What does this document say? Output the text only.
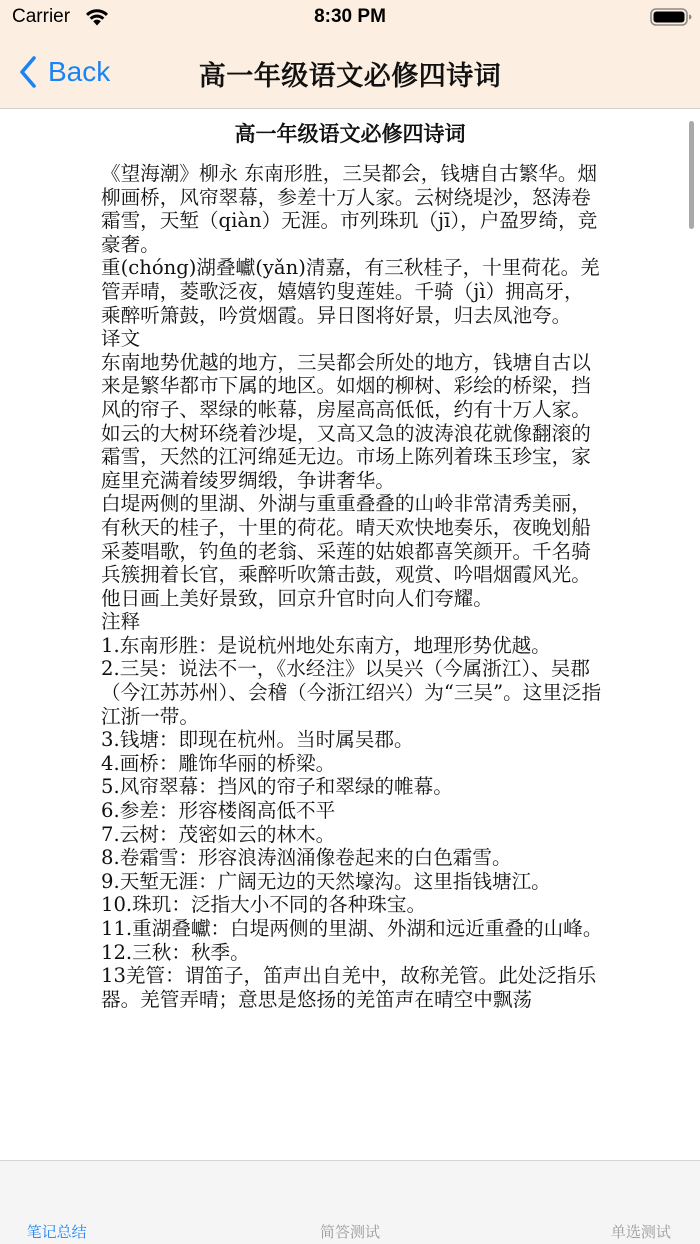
Carrier	8:30 PM
Back	高一年级语文必修四诗词
高一年级语文必修四诗词

《望海潮》柳永 东南形胜，三吴都会，钱塘自古繁华。烟柳画桥，风帘翠幕，参差十万人家。云树绕堤沙，怒涛卷霜雪，天堑（qiàn）无涯。市列珠玑（jī），户盈罗绮，竞豪奢。

重(chóng)湖叠巘(yǎn)清嘉，有三秋桂子，十里荷花。羌管弄晴，菱歌泛夜，嬉嬉钓叟莲娃。千骑（jì）拥高牙，乘醉听箫鼓，吟赏烟霞。异日图将好景，归去凤池夸。

译文

东南地势优越的地方，三吴都会所处的地方，钱塘自古以来是繁华都市下属的地区。如烟的柳树、彩绘的桥梁，挡风的帘子、翠绿的帐幕，房屋高高低低，约有十万人家。如云的大树环绕着沙堤，又高又急的波涛浪花就像翻滚的霜雪，天然的江河绵延无边。市场上陈列着珠玉珍宝，家庭里充满着绫罗绸缎，争讲奢华。

白堤两侧的里湖、外湖与重重叠叠的山岭非常清秀美丽，有秋天的桂子，十里的荷花。晴天欢快地奏乐，夜晚划船采菱唱歌，钓鱼的老翁、采莲的姑娘都喜笑颜开。千名骑兵簇拥着长官，乘醉听吹箫击鼓，观赏、吟唱烟霞风光。他日画上美好景致，回京升官时向人们夸耀。

注释

1.东南形胜：是说杭州地处东南方，地理形势优越。

2.三吴：说法不一，《水经注》以吴兴（今属浙江）、吴郡（今江苏苏州）、会稽（今浙江绍兴）为“三吴”。这里泛指江浙一带。

3.钱塘：即现在杭州。当时属吴郡。

4.画桥：雕饰华丽的桥梁。

5.风帘翠幕：挡风的帘子和翠绿的帷幕。

6.参差：形容楼阁高低不平

7.云树：茂密如云的林木。

8.卷霜雪：形容浪涛汹涌像卷起来的白色霜雪。

9.天堑无涯：广阔无边的天然壕沟。这里指钱塘江。

10.珠玑：泛指大小不同的各种珠宝。

11.重湖叠巘：白堤两侧的里湖、外湖和远近重叠的山峰。

12.三秋：秋季。

13羌管：谓笛子，笛声出自羌中，故称羌管。此处泛指乐器。羌管弄晴；意思是悠扬的羌笛声在晴空中飘荡

笔记总结	简答测试	单选测试
